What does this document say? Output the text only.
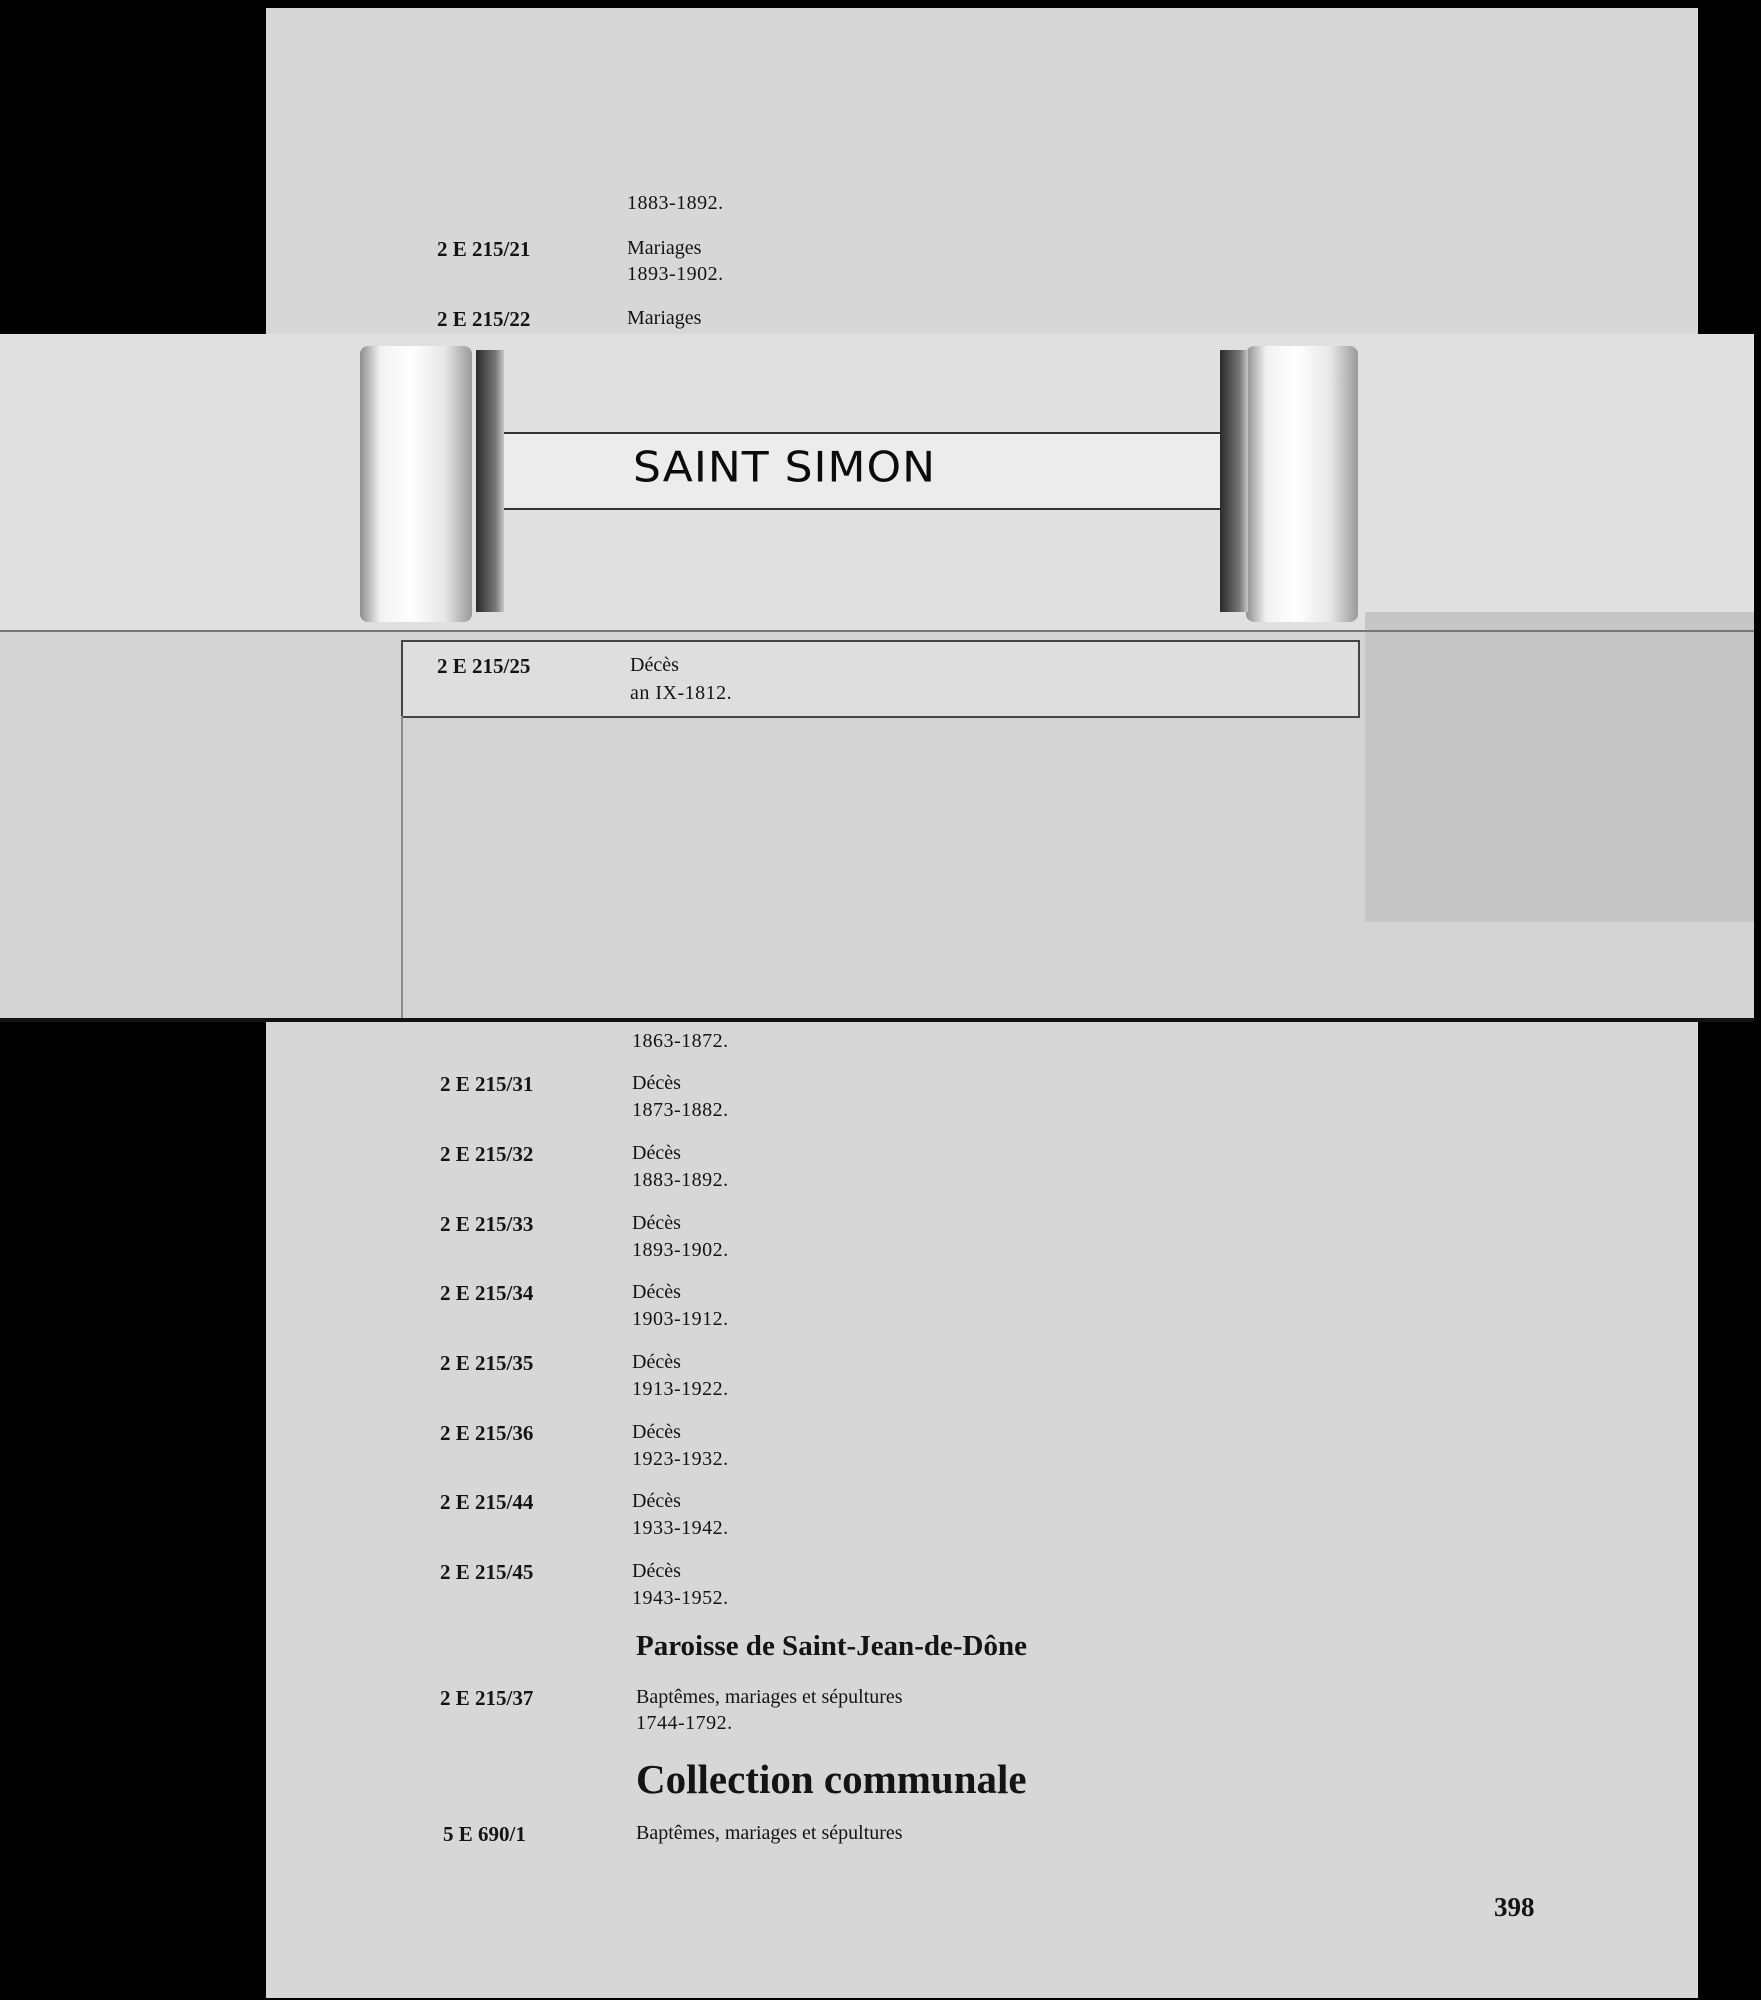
1883-1892.
2 E 215/21	Mariages
1893-1902.
2 E 215/22	Mariages
SAINT SIMON
2 E 215/25	Décès
an IX-1812.
1863-1872.
2 E 215/31	Décès
1873-1882.
2 E 215/32	Décès
1883-1892.
2 E 215/33	Décès
1893-1902.
2 E 215/34	Décès
1903-1912.
2 E 215/35	Décès
1913-1922.
2 E 215/36	Décès
1923-1932.
2 E 215/44	Décès
1933-1942.
2 E 215/45	Décès
1943-1952.
Paroisse de Saint-Jean-de-Dône
2 E 215/37	Baptêmes, mariages et sépultures
1744-1792.
Collection communale
5 E 690/1	Baptêmes, mariages et sépultures
398
